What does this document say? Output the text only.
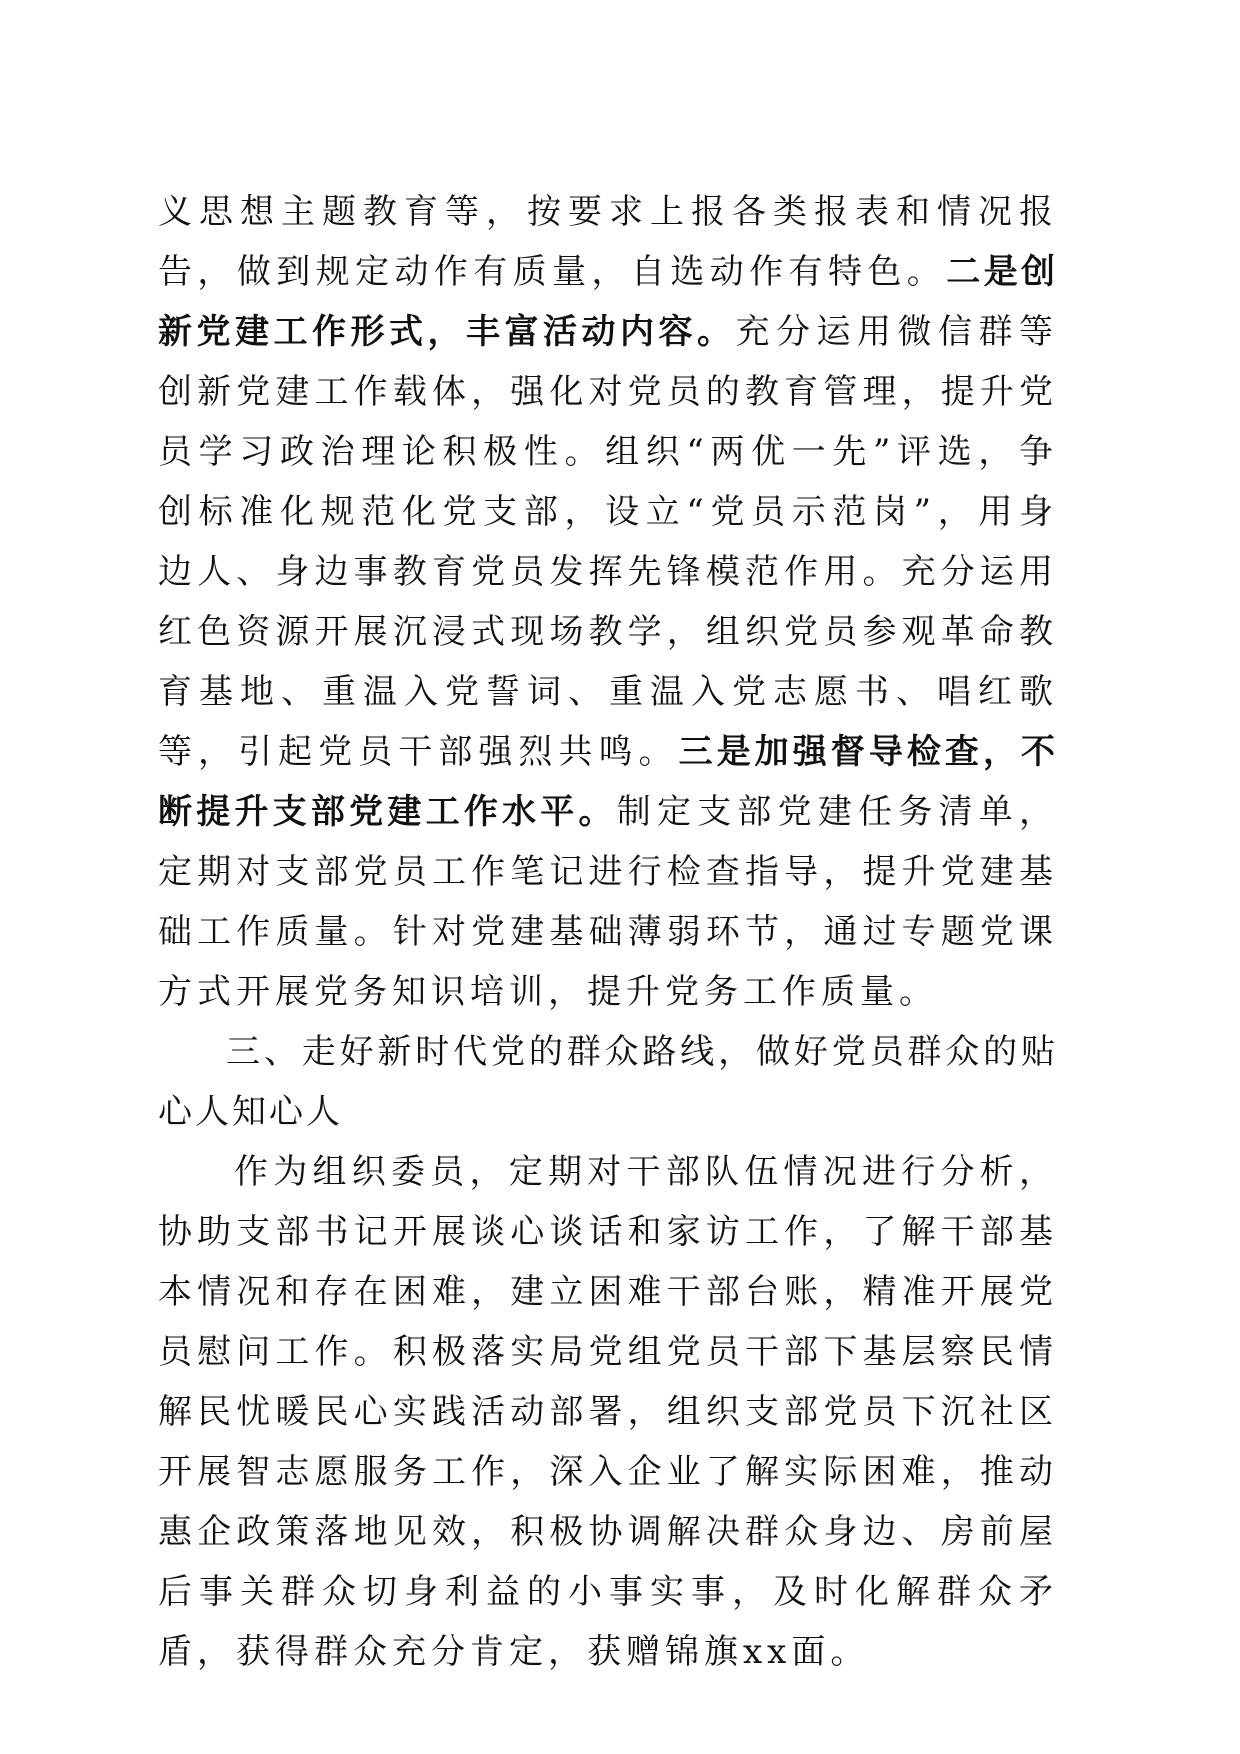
义思想主题教育等，按要求上报各类报表和情况报告，做到规定动作有质量，自选动作有特色。二是创新党建工作形式，丰富活动内容。充分运用微信群等创新党建工作载体，强化对党员的教育管理，提升党员学习政治理论积极性。组织“两优一先”评选，争创标准化规范化党支部，设立“党员示范岗”，用身边人、身边事教育党员发挥先锋模范作用。充分运用红色资源开展沉浸式现场教学，组织党员参观革命教育基地、重温入党誓词、重温入党志愿书、唱红歌等，引起党员干部强烈共鸣。三是加强督导检查，不断提升支部党建工作水平。制定支部党建任务清单，定期对支部党员工作笔记进行检查指导，提升党建基础工作质量。针对党建基础薄弱环节，通过专题党课方式开展党务知识培训，提升党务工作质量。

三、走好新时代党的群众路线，做好党员群众的贴心人知心人

作为组织委员，定期对干部队伍情况进行分析，协助支部书记开展谈心谈话和家访工作，了解干部基本情况和存在困难，建立困难干部台账，精准开展党员慰问工作。积极落实局党组党员干部下基层察民情解民忧暖民心实践活动部署，组织支部党员下沉社区开展智志愿服务工作，深入企业了解实际困难，推动惠企政策落地见效，积极协调解决群众身边、房前屋后事关群众切身利益的小事实事，及时化解群众矛盾，获得群众充分肯定，获赠锦旗xx面。
